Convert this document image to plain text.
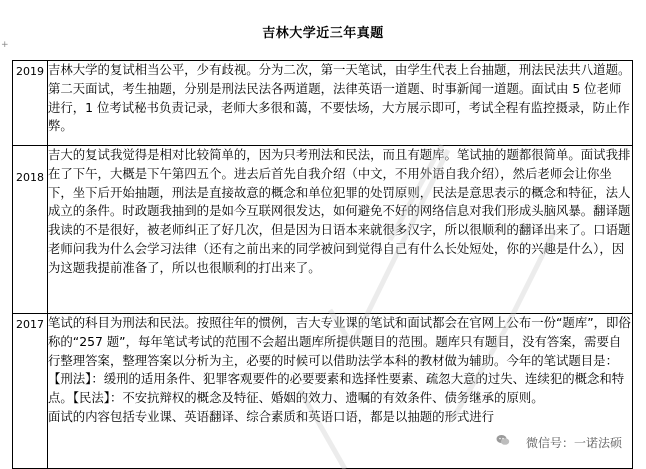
吉林大学近三年真题
+
2019	吉林大学的复试相当公平，少有歧视。分为二次，第一天笔试，由学生代表上台抽题，刑法民法共八道题。第二天面试，考生抽题，分别是刑法民法各两道题，法律英语一道题、时事新闻一道题。面试由 5 位老师进行，1 位考试秘书负责记录，老师大多很和蔼，不要怯场，大方展示即可，考试全程有监控摄录，防止作弊。

2018	吉大的复试我觉得是相对比较简单的，因为只考刑法和民法，而且有题库。笔试抽的题都很简单。面试我排在了下午，大概是下午第四五个。进去后首先自我介绍（中文，不用外语自我介绍），然后老师会让你坐下，坐下后开始抽题，刑法是直接故意的概念和单位犯罪的处罚原则，民法是意思表示的概念和特征，法人成立的条件。时政题我抽到的是如今互联网很发达，如何避免不好的网络信息对我们形成头脑风暴。翻译题我读的不是很好，被老师纠正了好几次，但是因为日语本来就很多汉字，所以很顺利的翻译出来了。口语题老师问我为什么会学习法律（还有之前出来的同学被问到觉得自己有什么长处短处，你的兴趣是什么），因为这题我提前准备了，所以也很顺利的打出来了。

2017	笔试的科目为刑法和民法。按照往年的惯例，吉大专业课的笔试和面试都会在官网上公布一份“题库”，即俗称的“257 题”，每年笔试考试的范围不会超出题库所提供题目的范围。题库只有题目，没有答案，需要自行整理答案，整理答案以分析为主，必要的时候可以借助法学本科的教材做为辅助。今年的笔试题目是：【刑法】：缓刑的适用条件、犯罪客观要件的必要要素和选择性要素、疏忽大意的过失、连续犯的概念和特点。【民法】：不安抗辩权的概念及特征、婚姻的效力、遗嘱的有效条件、债务继承的原则。
面试的内容包括专业课、英语翻译、综合素质和英语口语，都是以抽题的形式进行
微信号：一诺法硕
